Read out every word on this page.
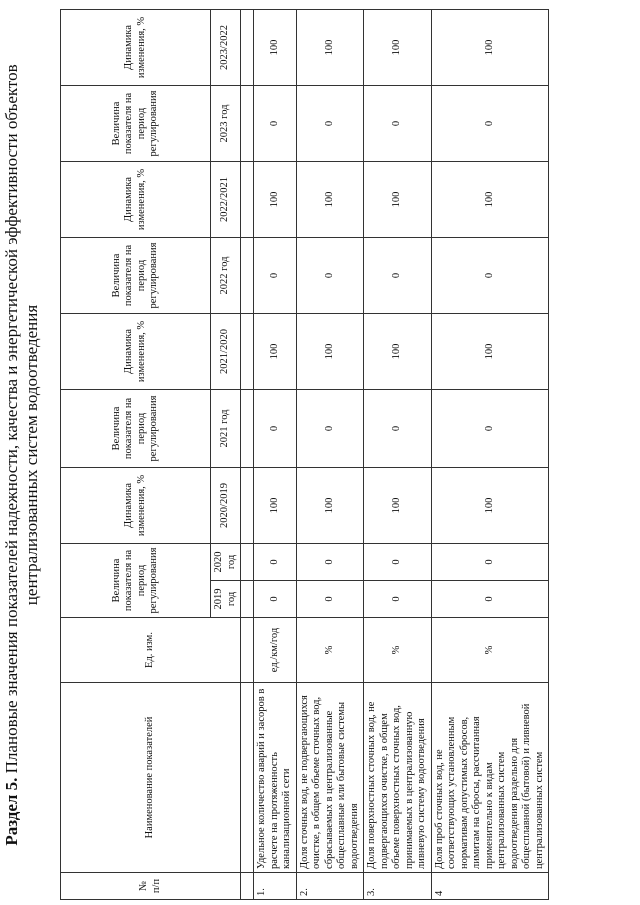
Раздел 5. Плановые значения показателей надежности, качества и энергетической эффективности объектов централизованных систем водоотведения
№ п/п	Наименование показателей	Ед. изм.	Величина показателя на период регулирования		Динамика изменения, %	Величина показателя на период регулирования	Динамика изменения, %	Величина показателя на период регулирования	Динамика изменения, %	Величина показателя на период регулирования	Динамика изменения, %
			2019 год	2020 год	2020/2019	2021 год	2021/2020	2022 год	2022/2021	2023 год	2023/2022

1.	Удельное количество аварий и засоров в расчете на протяженность канализационной сети	ед./км/год	0	0	100	0	100	0	100	0	100
2.	Доля сточных вод, не подвергающихся очистке, в общем объеме сточных вод, сбрасываемых в централизованные общесплавные или бытовые системы водоотведения	%	0	0	100	0	100	0	100	0	100
3.	Доля поверхностных сточных вод, не подвергающихся очистке, в общем объеме поверхностных сточных вод, принимаемых в централизованную ливневую систему водоотведения	%	0	0	100	0	100	0	100	0	100
4	Доля проб сточных вод, не соответствующих установленным нормативам допустимых сбросов, лимитам на сбросы, рассчитанная применительно к видам централизованных систем водоотведения раздельно для общесплавной (бытовой) и ливневой централизованных систем	%	0	0	100	0	100	0	100	0	100
